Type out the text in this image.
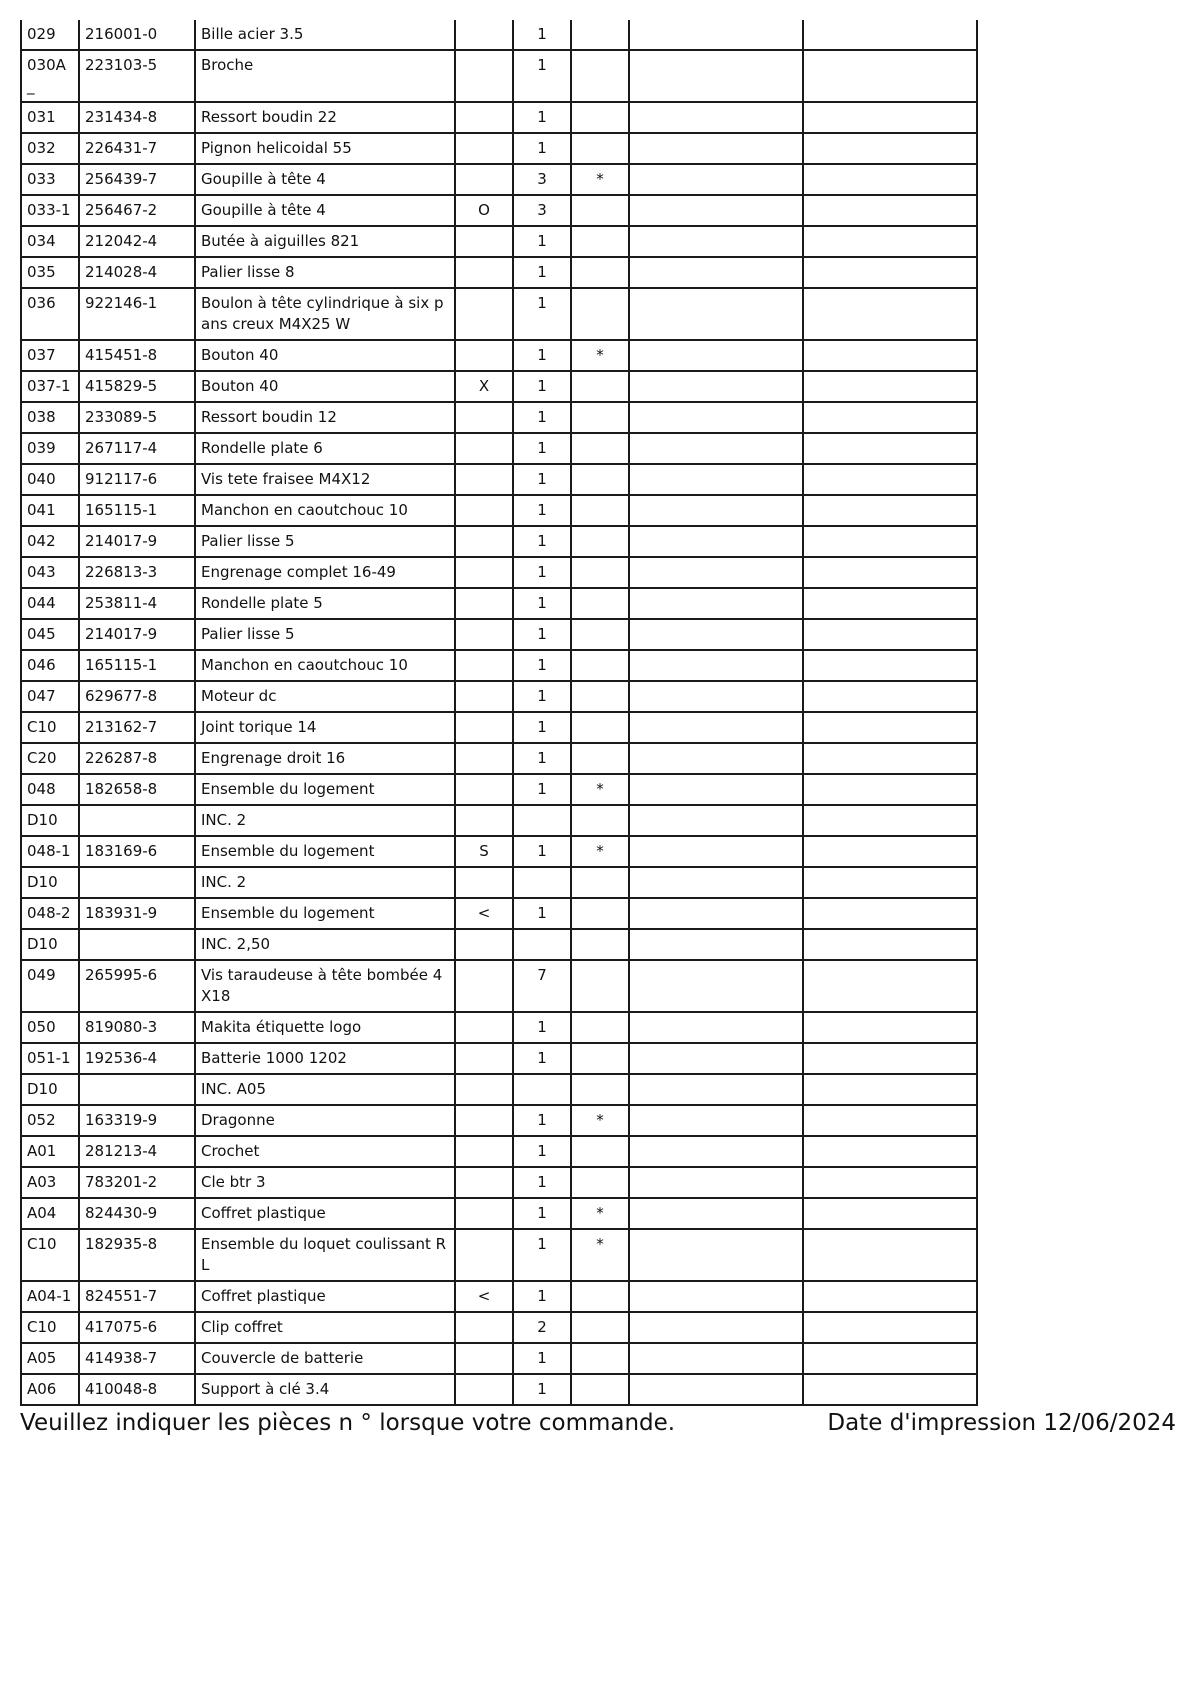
029	216001-0	Bille acier 3.5		1			
030A_	223103-5	Broche		1			
031	231434-8	Ressort boudin 22		1			
032	226431-7	Pignon helicoidal 55		1			
033	256439-7	Goupille à tête 4		3	*		
033-1	256467-2	Goupille à tête 4	O	3			
034	212042-4	Butée à aiguilles 821		1			
035	214028-4	Palier lisse 8		1			
036	922146-1	Boulon à tête cylindrique à six pans creux M4X25 W		1			
037	415451-8	Bouton 40		1	*		
037-1	415829-5	Bouton 40	X	1			
038	233089-5	Ressort boudin 12		1			
039	267117-4	Rondelle plate 6		1			
040	912117-6	Vis tete fraisee M4X12		1			
041	165115-1	Manchon en caoutchouc 10		1			
042	214017-9	Palier lisse 5		1			
043	226813-3	Engrenage complet 16-49		1			
044	253811-4	Rondelle plate 5		1			
045	214017-9	Palier lisse 5		1			
046	165115-1	Manchon en caoutchouc 10		1			
047	629677-8	Moteur dc		1			
C10	213162-7	Joint torique 14		1			
C20	226287-8	Engrenage droit 16		1			
048	182658-8	Ensemble du logement		1	*		
D10		INC. 2					
048-1	183169-6	Ensemble du logement	S	1	*		
D10		INC. 2					
048-2	183931-9	Ensemble du logement	<	1			
D10		INC. 2,50					
049	265995-6	Vis taraudeuse à tête bombée 4X18		7			
050	819080-3	Makita étiquette logo		1			
051-1	192536-4	Batterie 1000 1202		1			
D10		INC. A05					
052	163319-9	Dragonne		1	*		
A01	281213-4	Crochet		1			
A03	783201-2	Cle btr 3		1			
A04	824430-9	Coffret plastique		1	*		
C10	182935-8	Ensemble du loquet coulissant RL		1	*		
A04-1	824551-7	Coffret plastique	<	1			
C10	417075-6	Clip coffret		2			
A05	414938-7	Couvercle de batterie		1			
A06	410048-8	Support à clé 3.4		1			
Veuillez indiquer les pièces n ° lorsque votre commande.	Date d'impression 12/06/2024
